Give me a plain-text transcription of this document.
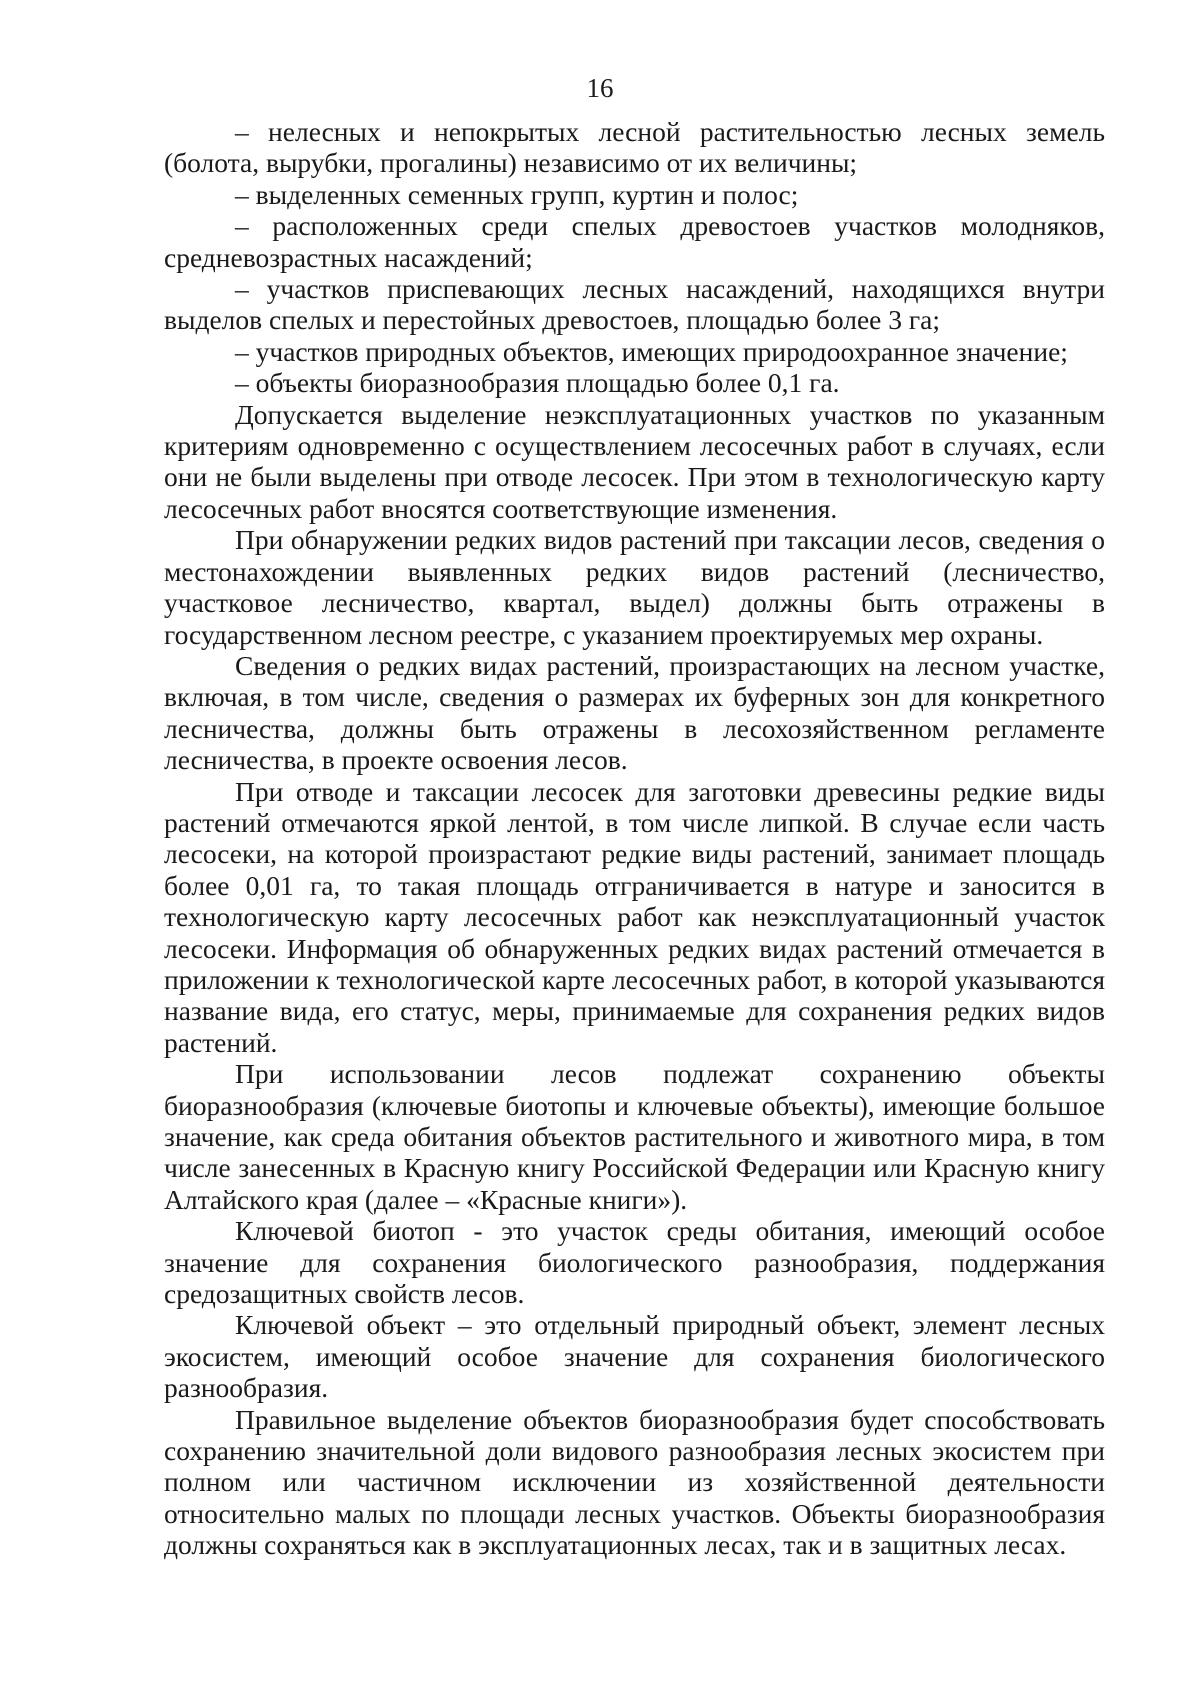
16

– нелесных и непокрытых лесной растительностью лесных земель (болота, вырубки, прогалины) независимо от их величины;

– выделенных семенных групп, куртин и полос;

– расположенных среди спелых древостоев участков молодняков, средневозрастных насаждений;

– участков приспевающих лесных насаждений, находящихся внутри выделов спелых и перестойных древостоев, площадью более 3 га;

– участков природных объектов, имеющих природоохранное значение;

– объекты биоразнообразия площадью более 0,1 га.

Допускается выделение неэксплуатационных участков по указанным критериям одновременно с осуществлением лесосечных работ в случаях, если они не были выделены при отводе лесосек. При этом в технологическую карту лесосечных работ вносятся соответствующие изменения.

При обнаружении редких видов растений при таксации лесов, сведения о местонахождении выявленных редких видов растений (лесничество, участковое лесничество, квартал, выдел) должны быть отражены в государственном лесном реестре, с указанием проектируемых мер охраны.

Сведения о редких видах растений, произрастающих на лесном участке, включая, в том числе, сведения о размерах их буферных зон для конкретного лесничества, должны быть отражены в лесохозяйственном регламенте лесничества, в проекте освоения лесов.

При отводе и таксации лесосек для заготовки древесины редкие виды растений отмечаются яркой лентой, в том числе липкой. В случае если часть лесосеки, на которой произрастают редкие виды растений, занимает площадь более 0,01 га, то такая площадь отграничивается в натуре и заносится в технологическую карту лесосечных работ как неэксплуатационный участок лесосеки. Информация об обнаруженных редких видах растений отмечается в приложении к технологической карте лесосечных работ, в которой указываются название вида, его статус, меры, принимаемые для сохранения редких видов растений.

При использовании лесов подлежат сохранению объекты биоразнообразия (ключевые биотопы и ключевые объекты), имеющие большое значение, как среда обитания объектов растительного и животного мира, в том числе занесенных в Красную книгу Российской Федерации или Красную книгу Алтайского края (далее – «Красные книги»).

Ключевой биотоп - это участок среды обитания, имеющий особое значение для сохранения биологического разнообразия, поддержания средозащитных свойств лесов.

Ключевой объект – это отдельный природный объект, элемент лесных экосистем, имеющий особое значение для сохранения биологического разнообразия.

Правильное выделение объектов биоразнообразия будет способствовать сохранению значительной доли видового разнообразия лесных экосистем при полном или частичном исключении из хозяйственной деятельности относительно малых по площади лесных участков. Объекты биоразнообразия должны сохраняться как в эксплуатационных лесах, так и в защитных лесах.
